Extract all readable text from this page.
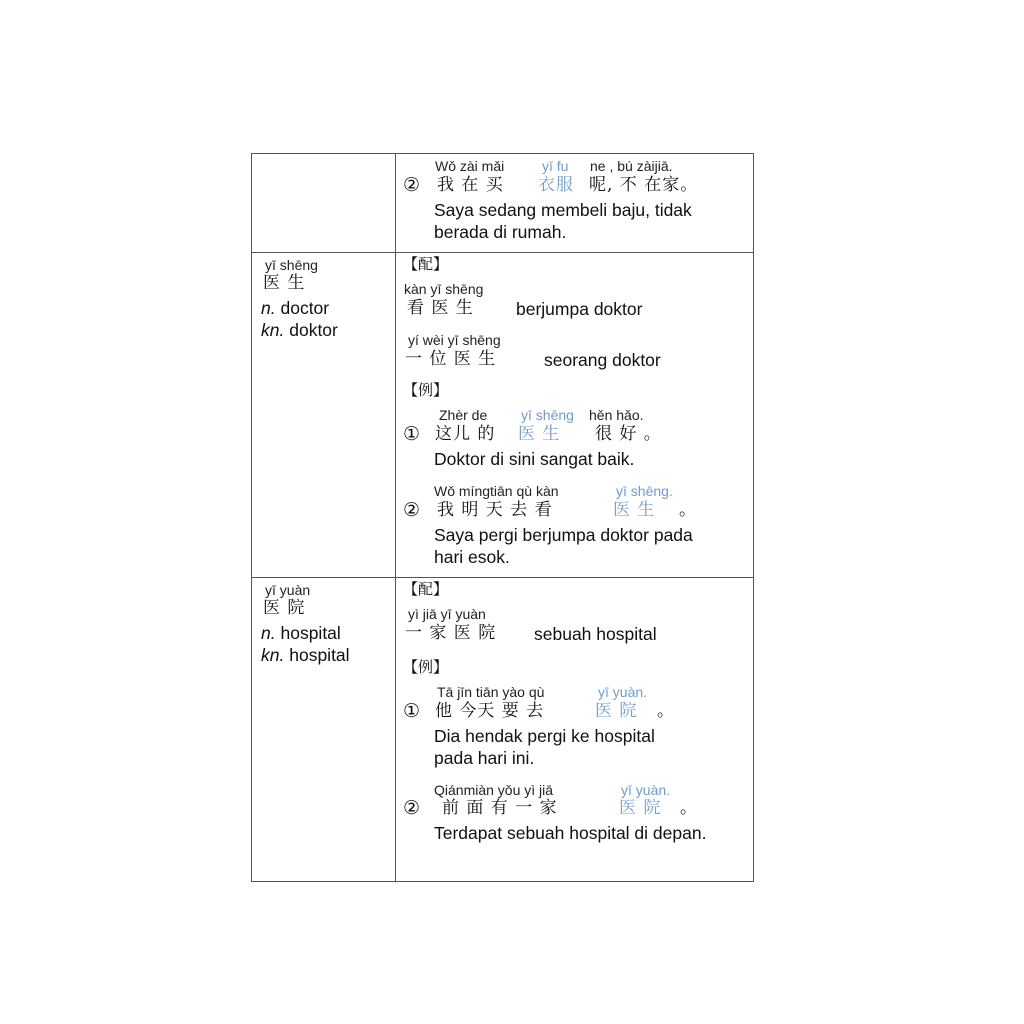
Wǒ zài mǎi	yī fu ne , bú zàijiā.
② 我 在 买 衣服 呢, 不 在家。
Saya sedang membeli baju, tidak
berada di rumah.
yī shēng
医 生
n. doctor
kn. doktor
【配】
kàn yī shēng
看 医 生 berjumpa doktor
yí wèi yī shēng
一 位 医 生	seorang doktor
【例】
Zhèr de yī shēng hěn hǎo.
① 这儿 的 医 生 很 好 。
Doktor di sini sangat baik.
Wǒ míngtiān qù kàn	yī shēng.
② 我 明 天 去 看	医 生 。
Saya pergi berjumpa doktor pada
hari esok.
yī yuàn
医 院
n. hospital
kn. hospital
【配】
yì jiā yī yuàn
一 家 医 院 sebuah hospital
【例】
Tā jīn tiān yào qù	yī yuàn.
① 他 今天 要 去	医 院 。
Dia hendak pergi ke hospital
pada hari ini.
Qiánmiàn yǒu yì jiā	yī yuàn.
② 前 面 有 一 家	医 院 。
Terdapat sebuah hospital di depan.
